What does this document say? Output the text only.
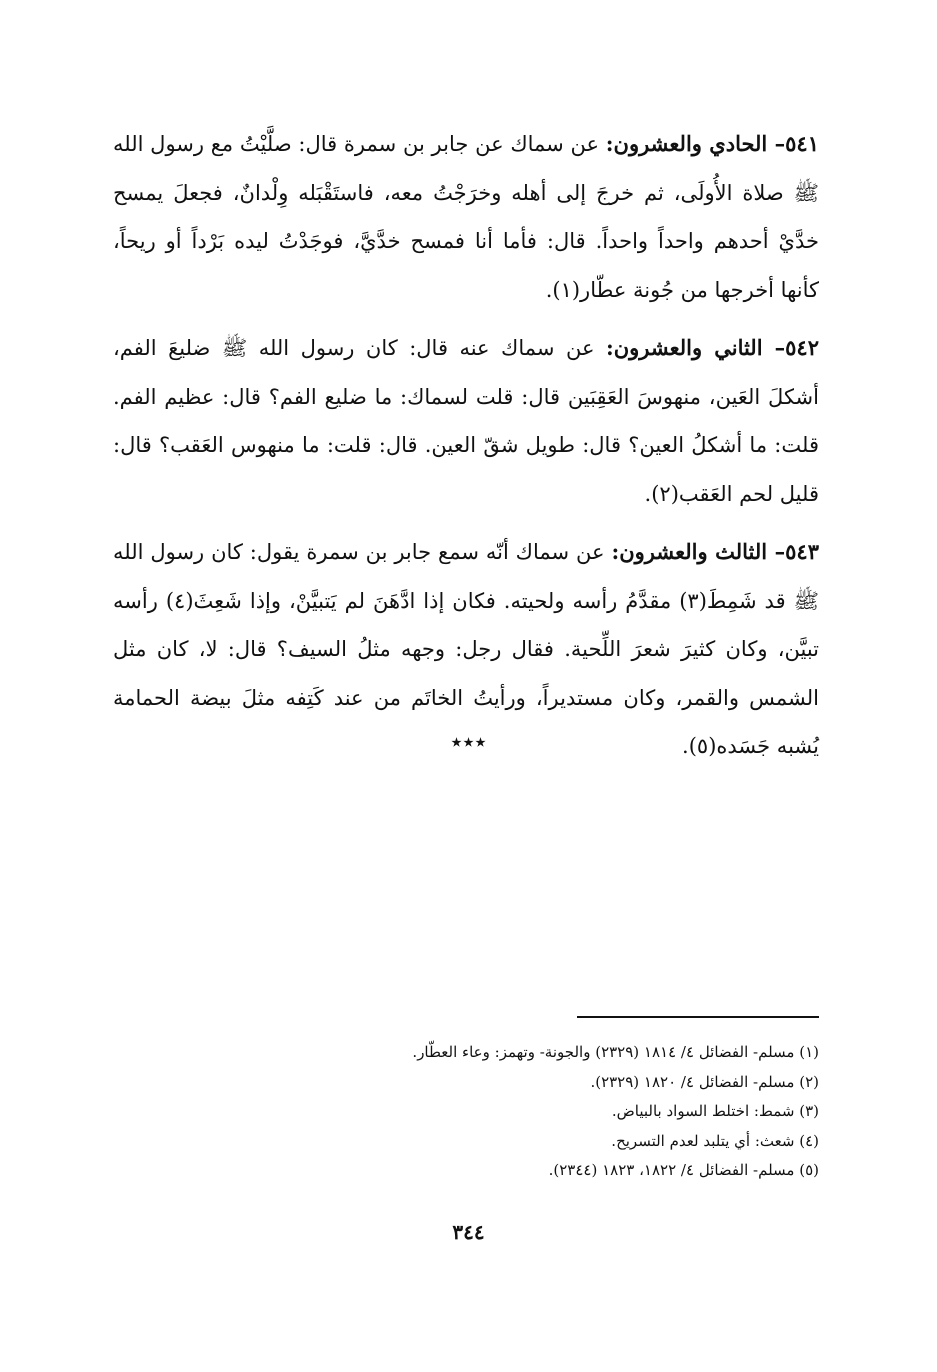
٥٤١– الحادي والعشرون: عن سماك عن جابر بن سمرة قال: صلَّيْتُ مع رسول الله ﷺ صلاة الأُولَى، ثم خرجَ إلى أهله وخرَجْتُ معه، فاستَقْبَله وِلْدانٌ، فجعلَ يمسح خدَّيْ أحدهم واحداً واحداً. قال: فأما أنا فمسح خدَّيَّ، فوجَدْتُ ليده بَرْداً أو ريحاً، كأنها أخرجها من جُونة عطّار(١).

٥٤٢– الثاني والعشرون: عن سماك عنه قال: كان رسول الله ﷺ ضليعَ الفم، أشكلَ العَين، منهوسَ العَقِبَين قال: قلت لسماك: ما ضليع الفم؟ قال: عظيم الفم. قلت: ما أشكلُ العين؟ قال: طويل شقّ العين. قال: قلت: ما منهوس العَقب؟ قال: قليل لحم العَقب(٢).

٥٤٣– الثالث والعشرون: عن سماك أنّه سمع جابر بن سمرة يقول: كان رسول الله ﷺ قد شَمِطَ(٣) مقدَّمُ رأسه ولحيته. فكان إذا ادَّهَنَ لم يَتبيَّنْ، وإذا شَعِثَ(٤) رأسه تبيَّن، وكان كثيرَ شعرَ اللِّحية. فقال رجل: وجهه مثلُ السيف؟ قال: لا، كان مثل الشمس والقمر، وكان مستديراً، ورأيتُ الخاتَم من عند كَتِفه مثلَ بيضة الحمامة يُشبه جَسَده(٥).

٭٭٭

(١) مسلم- الفضائل ٤/ ١٨١٤ (٢٣٢٩) والجونة- وتهمز: وعاء العطّار.

(٢) مسلم- الفضائل ٤/ ١٨٢٠ (٢٣٢٩).

(٣) شمط: اختلط السواد بالبياض.

(٤) شعث: أي يتلبد لعدم التسريح.

(٥) مسلم- الفضائل ٤/ ١٨٢٢، ١٨٢٣ (٢٣٤٤).

٣٤٤
